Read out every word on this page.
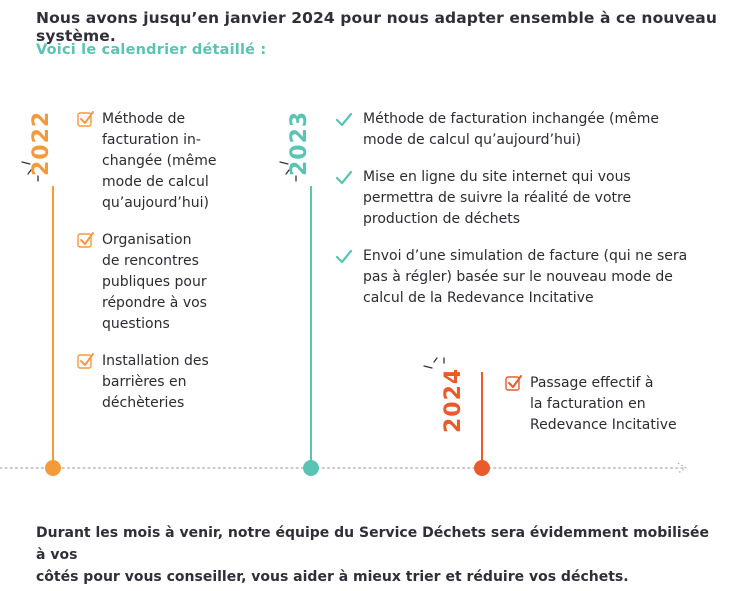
Nous avons jusqu’en janvier 2024 pour nous adapter ensemble à ce nouveau système.
Voici le calendrier détaillé :
2022	Méthode de
facturation in-
changée (même
mode de calcul
qu’aujourd’hui)
Organisation
de rencontres
publiques pour
répondre à vos
questions
Installation des
barrières en
déchèteries
2023	Méthode de facturation inchangée (même
mode de calcul qu’aujourd’hui)
Mise en ligne du site internet qui vous
permettra de suivre la réalité de votre
production de déchets
Envoi d’une simulation de facture (qui ne sera
pas à régler) basée sur le nouveau mode de
calcul de la Redevance Incitative
2024	Passage effectif à
la facturation en
Redevance Incitative
Durant les mois à venir, notre équipe du Service Déchets sera évidemment mobilisée à vos
côtés pour vous conseiller, vous aider à mieux trier et réduire vos déchets.
